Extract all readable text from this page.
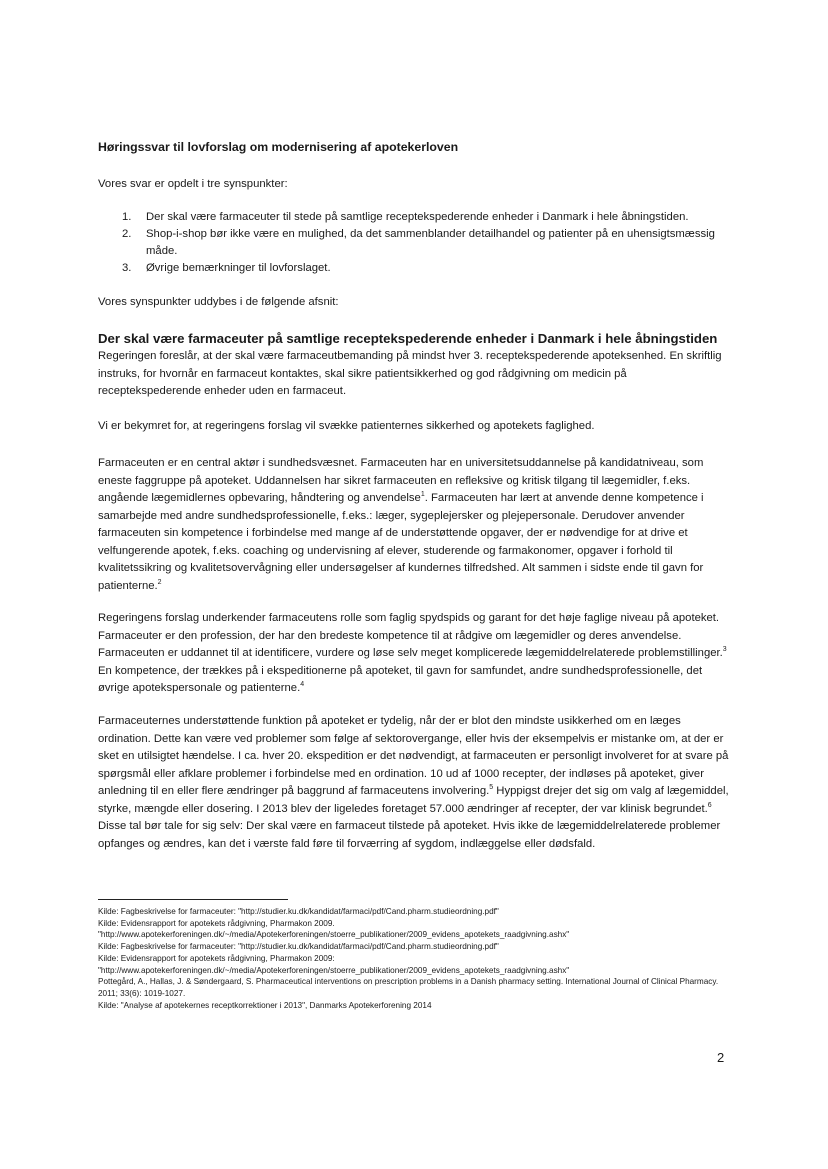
Høringssvar til lovforslag om modernisering af apotekerloven
Vores svar er opdelt i tre synspunkter:
1. Der skal være farmaceuter til stede på samtlige receptekspederende enheder i Danmark i hele åbningstiden.
2. Shop-i-shop bør ikke være en mulighed, da det sammenblander detailhandel og patienter på en uhensigtsmæssig måde.
3. Øvrige bemærkninger til lovforslaget.
Vores synspunkter uddybes i de følgende afsnit:
Der skal være farmaceuter på samtlige receptekspederende enheder i Danmark i hele åbningstiden

Regeringen foreslår, at der skal være farmaceutbemanding på mindst hver 3. receptekspederende apoteksenhed. En skriftlig instruks, for hvornår en farmaceut kontaktes, skal sikre patientsikkerhed og god rådgivning om medicin på receptekspederende enheder uden en farmaceut.

Vi er bekymret for, at regeringens forslag vil svække patienternes sikkerhed og apotekets faglighed.

Farmaceuten er en central aktør i sundhedsvæsnet. Farmaceuten har en universitetsuddannelse på kandidatniveau, som eneste faggruppe på apoteket. Uddannelsen har sikret farmaceuten en refleksive og kritisk tilgang til lægemidler, f.eks. angående lægemidlernes opbevaring, håndtering og anvendelse$^1$. Farmaceuten har lært at anvende denne kompetence i samarbejde med andre sundhedsprofessionelle, f.eks.: læger, sygeplejersker og plejepersonale. Derudover anvender farmaceuten sin kompetence i forbindelse med mange af de understøttende opgaver, der er nødvendige for at drive et velfungerende apotek, f.eks. coaching og undervisning af elever, studerende og farmakonomer, opgaver i forhold til kvalitetssikring og kvalitetsovervågning eller undersøgelser af kundernes tilfredshed. Alt sammen i sidste ende til gavn for patienterne.$^2$

Regeringens forslag underkender farmaceutens rolle som faglig spydspids og garant for det høje faglige niveau på apoteket. Farmaceuter er den profession, der har den bredeste kompetence til at rådgive om lægemidler og deres anvendelse. Farmaceuten er uddannet til at identificere, vurdere og løse selv meget komplicerede lægemiddelrelaterede problemstillinger.$^3$ En kompetence, der trækkes på i ekspeditionerne på apoteket, til gavn for samfundet, andre sundhedsprofessionelle, det øvrige apotekspersonale og patienterne.$^4$

Farmaceuternes understøttende funktion på apoteket er tydelig, når der er blot den mindste usikkerhed om en læges ordination. Dette kan være ved problemer som følge af sektorovergange, eller hvis der eksempelvis er mistanke om, at der er sket en utilsigtet hændelse. I ca. hver 20. ekspedition er det nødvendigt, at farmaceuten er personligt involveret for at svare på spørgsmål eller afklare problemer i forbindelse med en ordination. 10 ud af 1000 recepter, der indløses på apoteket, giver anledning til en eller flere ændringer på baggrund af farmaceutens involvering.$^5$ Hyppigst drejer det sig om valg af lægemiddel, styrke, mængde eller dosering. I 2013 blev der ligeledes foretaget 57.000 ændringer af recepter, der var klinisk begrundet.$^6$ Disse tal bør tale for sig selv: Der skal være en farmaceut tilstede på apoteket. Hvis ikke de lægemiddelrelaterede problemer opfanges og ændres, kan det i værste fald føre til forværring af sygdom, indlæggelse eller dødsfald.

Kilde: Fagbeskrivelse for farmaceuter: "http://studier.ku.dk/kandidat/farmaci/pdf/Cand.pharm.studieordning.pdf"

Kilde: Evidensrapport for apotekets rådgivning, Pharmakon 2009.

"http://www.apotekerforeningen.dk/~/media/Apotekerforeningen/stoerre_publikationer/2009_evidens_apotekets_raadgivning.ashx"

Kilde: Fagbeskrivelse for farmaceuter: "http://studier.ku.dk/kandidat/farmaci/pdf/Cand.pharm.studieordning.pdf"

Kilde: Evidensrapport for apotekets rådgivning, Pharmakon 2009:

"http://www.apotekerforeningen.dk/~/media/Apotekerforeningen/stoerre_publikationer/2009_evidens_apotekets_raadgivning.ashx"

Pottegård, A., Hallas, J. & Søndergaard, S. Pharmaceutical interventions on prescription problems in a Danish pharmacy setting. International Journal of Clinical Pharmacy. 2011; 33(6): 1019-1027.

Kilde: "Analyse af apotekernes receptkorrektioner i 2013", Danmarks Apotekerforening 2014

2
